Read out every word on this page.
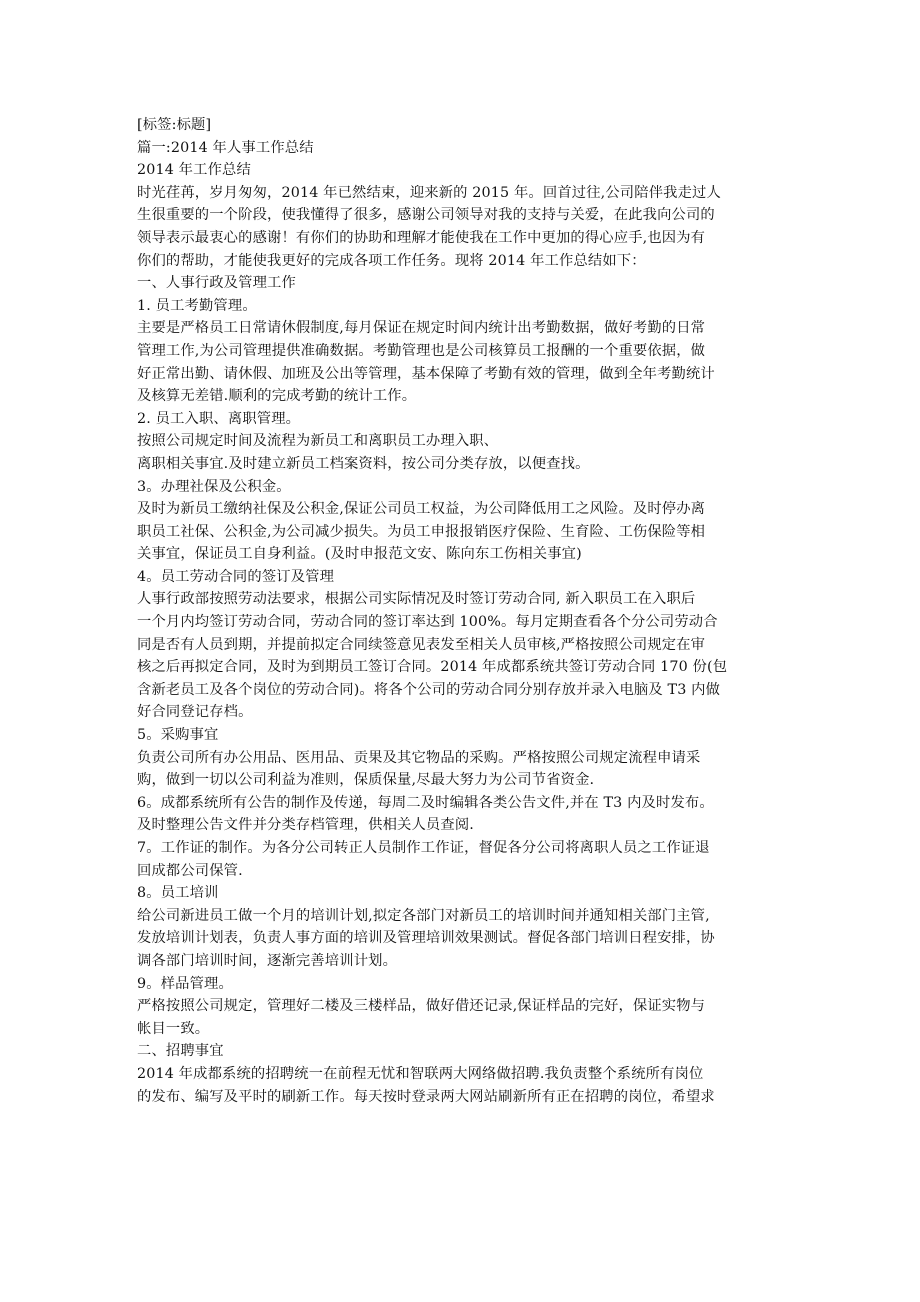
[标签:标题]
篇一:2014 年人事工作总结
2014 年工作总结
时光荏苒，岁月匆匆，2014 年已然结束，迎来新的 2015 年。回首过往,公司陪伴我走过人
生很重要的一个阶段，使我懂得了很多，感谢公司领导对我的支持与关爱，在此我向公司的
领导表示最衷心的感谢！有你们的协助和理解才能使我在工作中更加的得心应手,也因为有
你们的帮助，才能使我更好的完成各项工作任务。现将 2014 年工作总结如下：
一、人事行政及管理工作
1. 员工考勤管理。
主要是严格员工日常请休假制度,每月保证在规定时间内统计出考勤数据，做好考勤的日常
管理工作,为公司管理提供准确数据。考勤管理也是公司核算员工报酬的一个重要依据，做
好正常出勤、请休假、加班及公出等管理，基本保障了考勤有效的管理，做到全年考勤统计
及核算无差错.顺利的完成考勤的统计工作。
2. 员工入职、离职管理。
按照公司规定时间及流程为新员工和离职员工办理入职、
离职相关事宜.及时建立新员工档案资料，按公司分类存放，以便查找。
3。办理社保及公积金。
及时为新员工缴纳社保及公积金,保证公司员工权益，为公司降低用工之风险。及时停办离
职员工社保、公积金,为公司减少损失。为员工申报报销医疗保险、生育险、工伤保险等相
关事宜，保证员工自身利益。(及时申报范文安、陈向东工伤相关事宜)
4。员工劳动合同的签订及管理
人事行政部按照劳动法要求，根据公司实际情况及时签订劳动合同, 新入职员工在入职后
一个月内均签订劳动合同，劳动合同的签订率达到 100%。每月定期查看各个分公司劳动合
同是否有人员到期，并提前拟定合同续签意见表发至相关人员审核,严格按照公司规定在审
核之后再拟定合同，及时为到期员工签订合同。2014 年成都系统共签订劳动合同 170 份(包
含新老员工及各个岗位的劳动合同)。将各个公司的劳动合同分别存放并录入电脑及 T3 内做
好合同登记存档。
5。采购事宜
负责公司所有办公用品、医用品、贡果及其它物品的采购。严格按照公司规定流程申请采
购，做到一切以公司利益为准则，保质保量,尽最大努力为公司节省资金.
6。成都系统所有公告的制作及传递，每周二及时编辑各类公告文件,并在 T3 内及时发布。
及时整理公告文件并分类存档管理，供相关人员查阅.
7。工作证的制作。为各分公司转正人员制作工作证，督促各分公司将离职人员之工作证退
回成都公司保管.
8。员工培训
给公司新进员工做一个月的培训计划,拟定各部门对新员工的培训时间并通知相关部门主管,
发放培训计划表，负责人事方面的培训及管理培训效果测试。督促各部门培训日程安排，协
调各部门培训时间，逐渐完善培训计划。
9。样品管理。
严格按照公司规定，管理好二楼及三楼样品，做好借还记录,保证样品的完好，保证实物与
帐目一致。
二、招聘事宜
2014 年成都系统的招聘统一在前程无忧和智联两大网络做招聘.我负责整个系统所有岗位
的发布、编写及平时的刷新工作。每天按时登录两大网站刷新所有正在招聘的岗位，希望求
